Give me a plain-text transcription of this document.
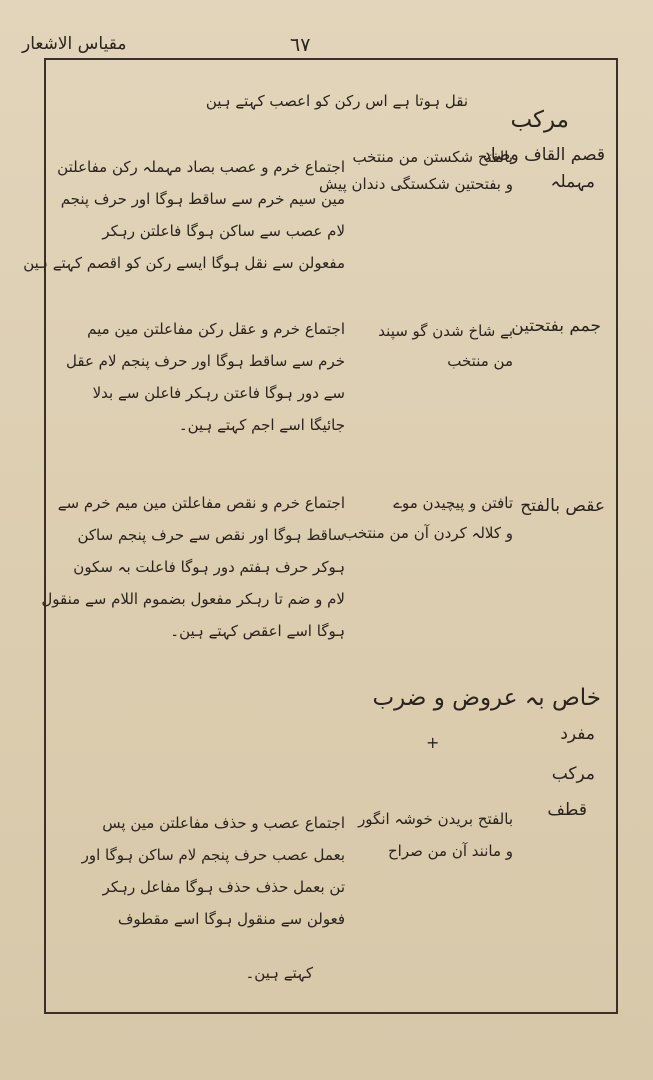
مقیاس الاشعار	٦٧
نقل ہوتا ہے اس رکن کو اعصب کہتے ہین
مرکب
قصم القاف وصاد
مہملہ
بالفتح شکستن من منتخب
و بفتحتین شکستگی دندان پیش
اجتماع خرم و عصب بصاد مہملہ رکن مفاعلتن
مین سیم خرم سے ساقط ہوگا اور حرف پنجم
لام عصب سے ساکن ہوگا فاعلتن رہکر
مفعولن سے نقل ہوگا ایسے رکن کو اقصم کہتے ہین
جمم بفتحتین
بے شاخ شدن گو سپند
من منتخب
اجتماع خرم و عقل رکن مفاعلتن مین میم
خرم سے ساقط ہوگا اور حرف پنجم لام عقل
سے دور ہوگا فاعتن رہکر فاعلن سے بدلا
جائیگا اسے اجم کہتے ہین۔
عقص بالفتح
تافتن و پیچیدن موے
و کلالہ کردن آن من منتخب
اجتماع خرم و نقص مفاعلتن مین میم خرم سے
ساقط ہوگا اور نقص سے حرف پنجم ساکن
ہوکر حرف ہفتم دور ہوگا فاعلت بہ سکون
لام و ضم تا رہکر مفعول بضموم اللام سے منقول
ہوگا اسے اعقص کہتے ہین۔
خاص بہ عروض و ضرب
مفرد
+
مرکب
قطف
بالفتح بریدن خوشہ انگور
و مانند آن من صراح
اجتماع عصب و حذف مفاعلتن مین پس
بعمل عصب حرف پنجم لام ساکن ہوگا اور
تن بعمل حذف حذف ہوگا مفاعل رہکر
فعولن سے منقول ہوگا اسے مقطوف
کہتے ہین۔
